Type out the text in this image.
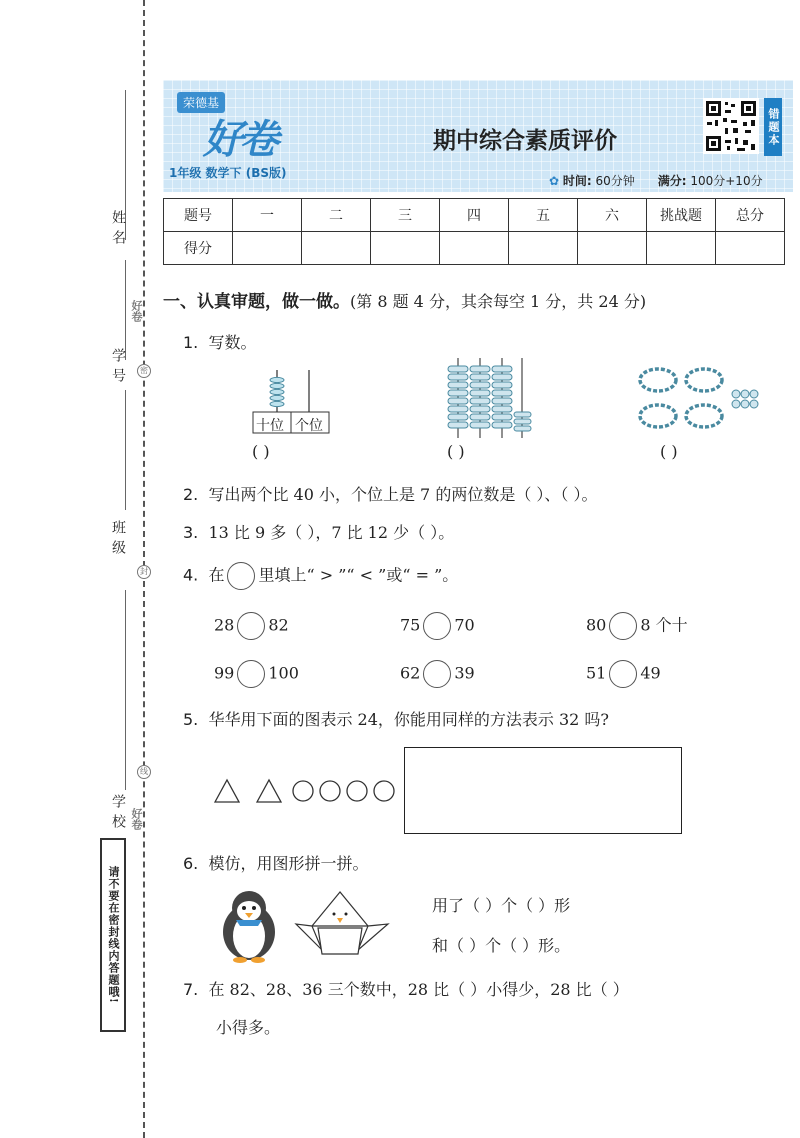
姓名
密
学号
好卷
班级
封
线
学校 好卷
请不要在密封线内答题哦!
荣德基
好卷
1年级 数学下 (BS版)
期中综合素质评价	错题本
✿ 时间: 60分钟 满分: 100分+10分
题号	一	二	三	四	五	六	挑战题	总分
得分								
一、认真审题，做一做。(第 8 题 4 分，其余每空 1 分，共 24 分)
1. 写数。
十位 个位
( )	( )	( )
2. 写出两个比 40 小，个位上是 7 的两位数是（ ）、（ ）。
3. 13 比 9 多（ ），7 比 12 少（ ）。
4. 在 里填上“ > ”“ < ”或“ = ”。
28 82	75 70	80 8 个十
99 100	62 39	51 49
5. 华华用下面的图表示 24，你能用同样的方法表示 32 吗?
6. 模仿，用图形拼一拼。
用了（ ）个（ ）形
和（ ）个（ ）形。
7. 在 82、28、36 三个数中，28 比（ ）小得少，28 比（ ）
小得多。
